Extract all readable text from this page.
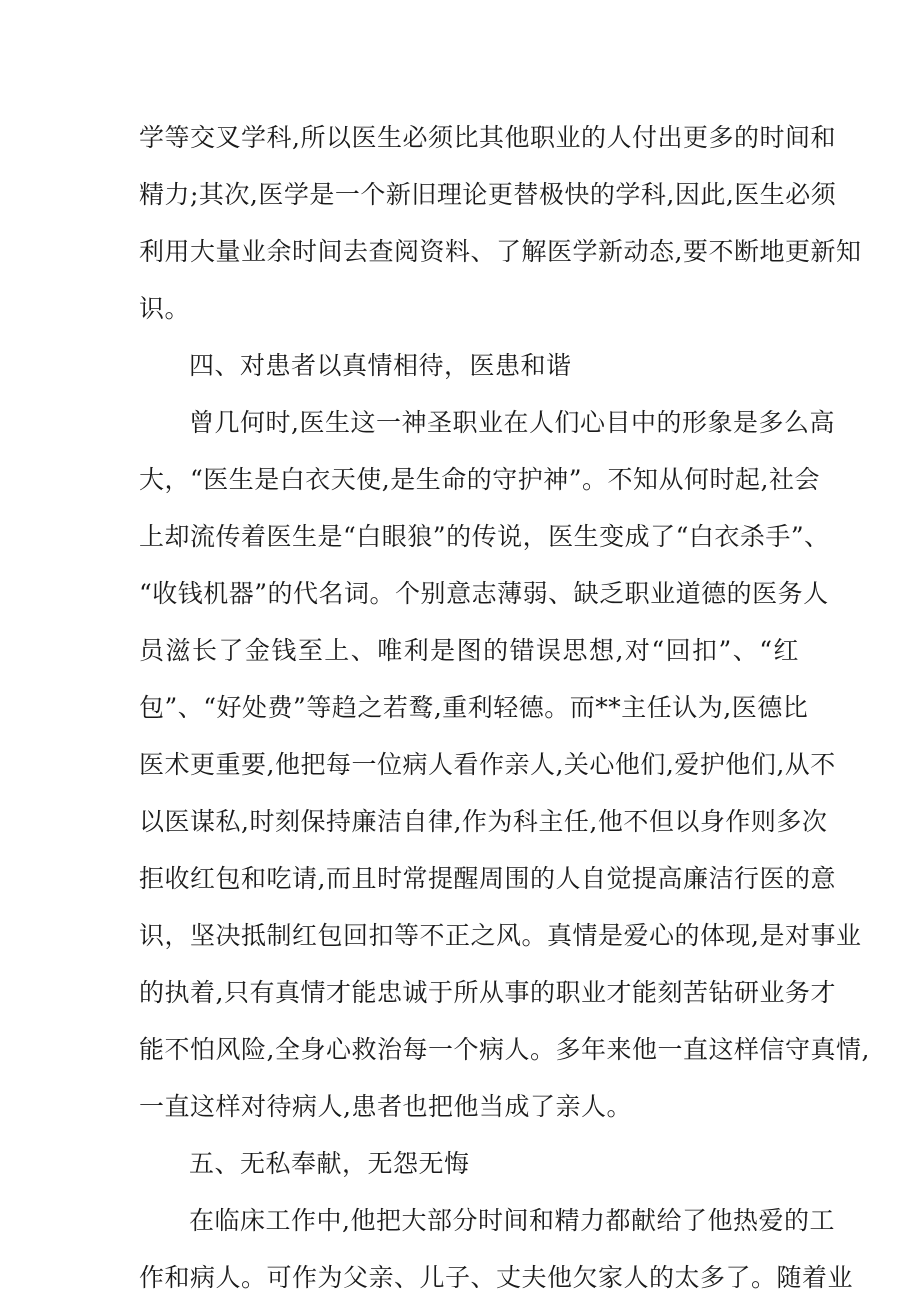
学等交叉学科,所以医生必须比其他职业的人付出更多的时间和
精力;其次,医学是一个新旧理论更替极快的学科,因此,医生必须
利用大量业余时间去查阅资料、了解医学新动态,要不断地更新知
识。
四、对患者以真情相待，医患和谐
曾几何时,医生这一神圣职业在人们心目中的形象是多么高
大，“医生是白衣天使,是生命的守护神”。不知从何时起,社会
上却流传着医生是“白眼狼”的传说，医生变成了“白衣杀手”、
“收钱机器”的代名词。个别意志薄弱、缺乏职业道德的医务人
员滋长了金钱至上、唯利是图的错误思想,对“回扣”、“红
包”、“好处费”等趋之若鹜,重利轻德。而**主任认为,医德比
医术更重要,他把每一位病人看作亲人,关心他们,爱护他们,从不
以医谋私,时刻保持廉洁自律,作为科主任,他不但以身作则多次
拒收红包和吃请,而且时常提醒周围的人自觉提高廉洁行医的意
识，坚决抵制红包回扣等不正之风。真情是爱心的体现,是对事业
的执着,只有真情才能忠诚于所从事的职业才能刻苦钻研业务才
能不怕风险,全身心救治每一个病人。多年来他一直这样信守真情,
一直这样对待病人,患者也把他当成了亲人。
五、无私奉献，无怨无悔
在临床工作中,他把大部分时间和精力都献给了他热爱的工
作和病人。可作为父亲、儿子、丈夫他欠家人的太多了。随着业
